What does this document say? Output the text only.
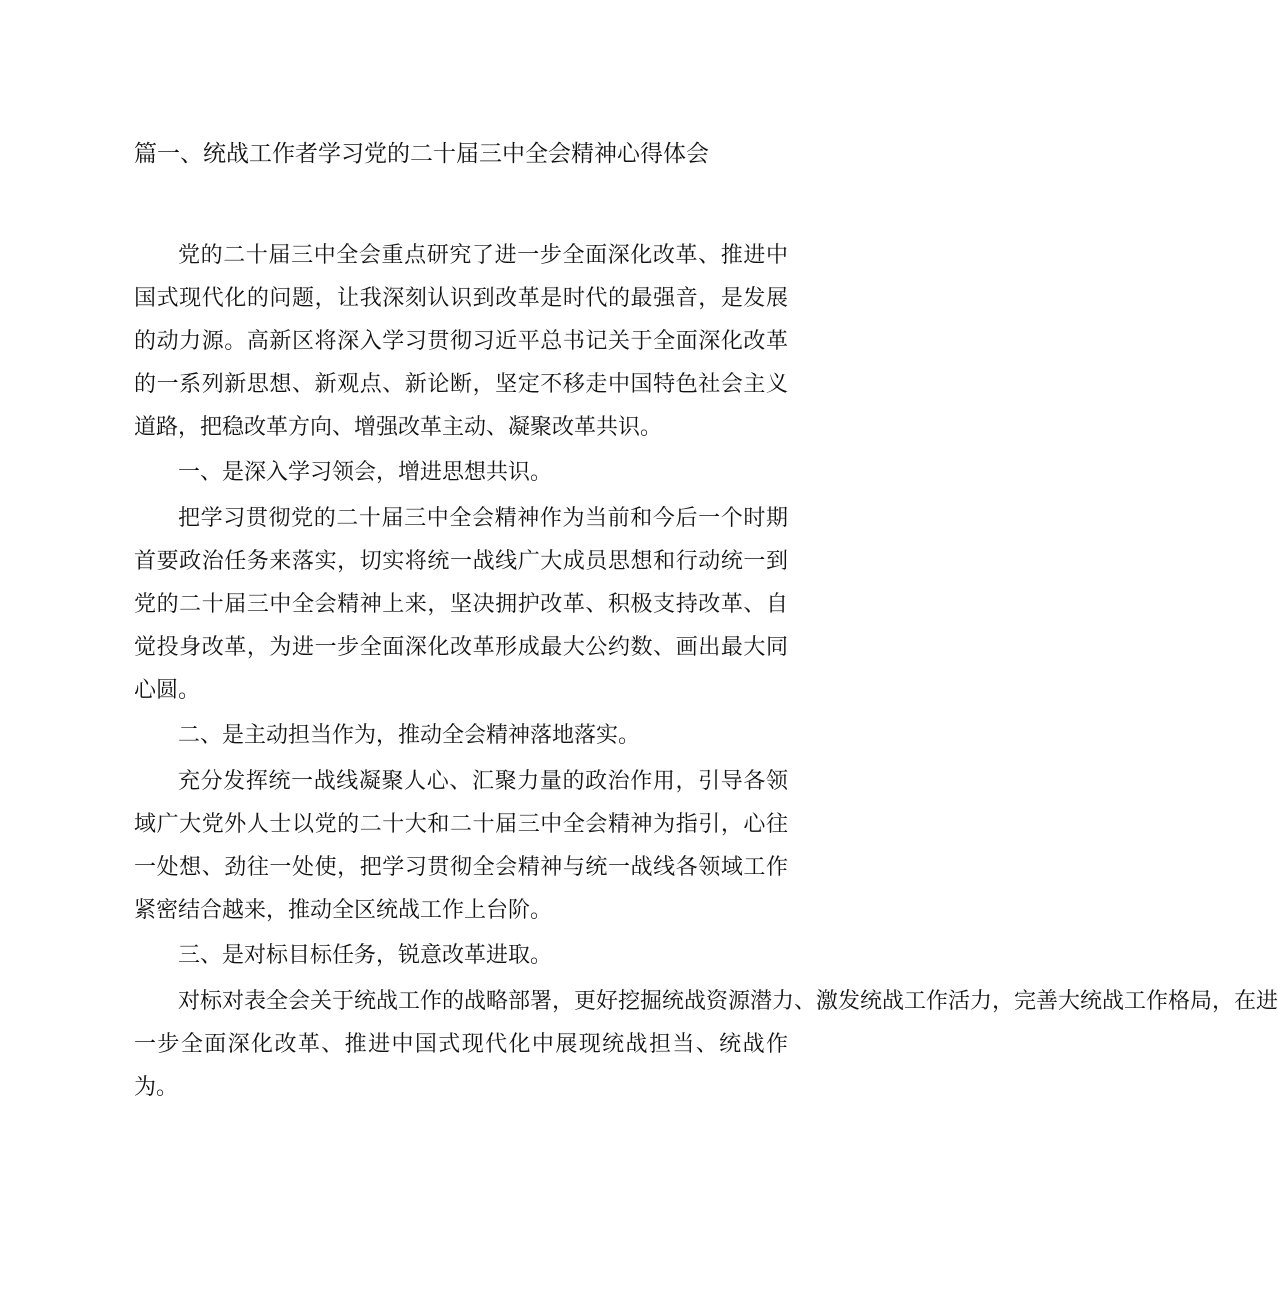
篇一、统战工作者学习党的二十届三中全会精神心得体会

党的二十届三中全会重点研究了进一步全面深化改革、推进中国式现代化的问题，让我深刻认识到改革是时代的最强音，是发展的动力源。高新区将深入学习贯彻习近平总书记关于全面深化改革的一系列新思想、新观点、新论断，坚定不移走中国特色社会主义道路，把稳改革方向、增强改革主动、凝聚改革共识。

一、是深入学习领会，增进思想共识。

把学习贯彻党的二十届三中全会精神作为当前和今后一个时期首要政治任务来落实，切实将统一战线广大成员思想和行动统一到党的二十届三中全会精神上来，坚决拥护改革、积极支持改革、自觉投身改革，为进一步全面深化改革形成最大公约数、画出最大同心圆。

二、是主动担当作为，推动全会精神落地落实。

充分发挥统一战线凝聚人心、汇聚力量的政治作用，引导各领域广大党外人士以党的二十大和二十届三中全会精神为指引，心往一处想、劲往一处使，把学习贯彻全会精神与统一战线各领域工作紧密结合越来，推动全区统战工作上台阶。

三、是对标目标任务，锐意改革进取。

对标对表全会关于统战工作的战略部署，更好挖掘统战资源潜力、激发统战工作活力，完善大统战工作格局，在进

一步全面深化改革、推进中国式现代化中展现统战担当、统战作为。
